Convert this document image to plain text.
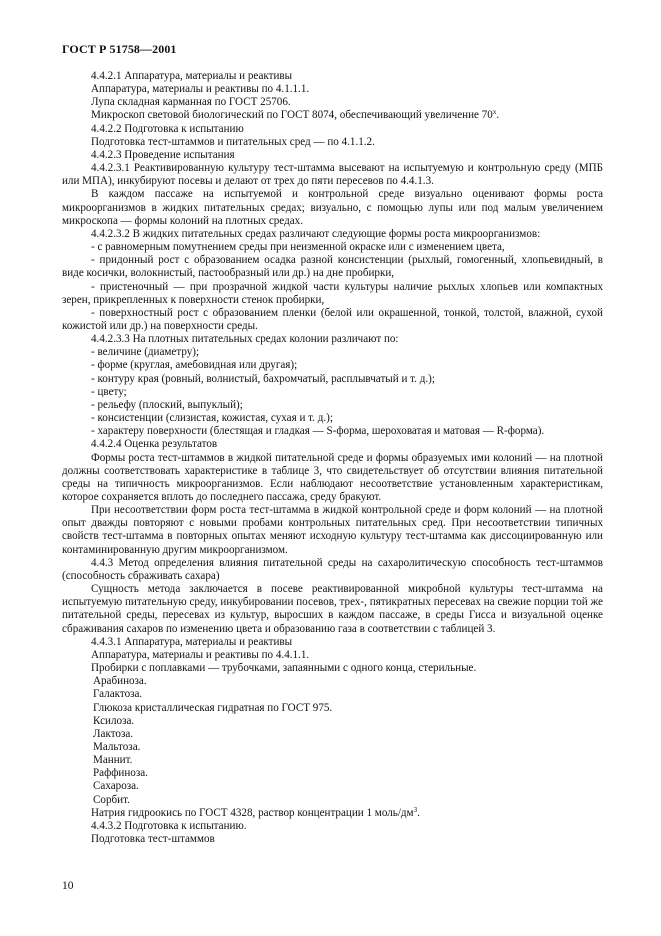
ГОСТ Р 51758—2001

4.4.2.1 Аппаратура, материалы и реактивы

Аппаратура, материалы и реактивы по 4.1.1.1.

Лупа складная карманная по ГОСТ 25706.

Микроскоп световой биологический по ГОСТ 8074, обеспечивающий увеличение 70$^x$.

4.4.2.2 Подготовка к испытанию

Подготовка тест-штаммов и питательных сред — по 4.1.1.2.

4.4.2.3 Проведение испытания

4.4.2.3.1 Реактивированную культуру тест-штамма высевают на испытуемую и контрольную среду (МПБ или МПА), инкубируют посевы и делают от трех до пяти пересевов по 4.4.1.3.

В каждом пассаже на испытуемой и контрольной среде визуально оценивают формы роста микроорганизмов в жидких питательных средах; визуально, с помощью лупы или под малым увеличением микроскопа — формы колоний на плотных средах.

4.4.2.3.2 В жидких питательных средах различают следующие формы роста микроорганизмов:

- с равномерным помутнением среды при неизменной окраске или с изменением цвета,

- придонный рост с образованием осадка разной консистенции (рыхлый, гомогенный, хлопьевидный, в виде косички, волокнистый, пастообразный или др.) на дне пробирки,

- пристеночный — при прозрачной жидкой части культуры наличие рыхлых хлопьев или компактных зерен, прикрепленных к поверхности стенок пробирки,

- поверхностный рост с образованием пленки (белой или окрашенной, тонкой, толстой, влажной, сухой кожистой или др.) на поверхности среды.

4.4.2.3.3 На плотных питательных средах колонии различают по:

- величине (диаметру);

- форме (круглая, амебовидная или другая);

- контуру края (ровный, волнистый, бахромчатый, расплывчатый и т. д.);

- цвету;

- рельефу (плоский, выпуклый);

- консистенции (слизистая, кожистая, сухая и т. д.);

- характеру поверхности (блестящая и гладкая — S-форма, шероховатая и матовая — R-форма).

4.4.2.4 Оценка результатов

Формы роста тест-штаммов в жидкой питательной среде и формы образуемых ими колоний — на плотной должны соответствовать характеристике в таблице 3, что свидетельствует об отсутствии влияния питательной среды на типичность микроорганизмов. Если наблюдают несоответствие установленным характеристикам, которое сохраняется вплоть до последнего пассажа, среду бракуют.

При несоответствии форм роста тест-штамма в жидкой контрольной среде и форм колоний — на плотной опыт дважды повторяют с новыми пробами контрольных питательных сред. При несоответствии типичных свойств тест-штамма в повторных опытах меняют исходную культуру тест-штамма как диссоциированную или контаминированную другим микроорганизмом.

4.4.3 Метод определения влияния питательной среды на сахаролитическую способность тест-штаммов (способность сбраживать сахара)

Сущность метода заключается в посеве реактивированной микробной культуры тест-штамма на испытуемую питательную среду, инкубировании посевов, трех-, пятикратных пересевах на свежие порции той же питательной среды, пересевах из культур, выросших в каждом пассаже, в среды Гисса и визуальной оценке сбраживания сахаров по изменению цвета и образованию газа в соответствии с таблицей 3.

4.4.3.1 Аппаратура, материалы и реактивы

Аппаратура, материалы и реактивы по 4.4.1.1.

Пробирки с поплавками — трубочками, запаянными с одного конца, стерильные.

Арабиноза.

Галактоза.

Глюкоза кристаллическая гидратная по ГОСТ 975.

Ксилоза.

Лактоза.

Мальтоза.

Маннит.

Раффиноза.

Сахароза.

Сорбит.

Натрия гидроокись по ГОСТ 4328, раствор концентрации 1 моль/$дм^3$.

4.4.3.2 Подготовка к испытанию.

Подготовка тест-штаммов

10
